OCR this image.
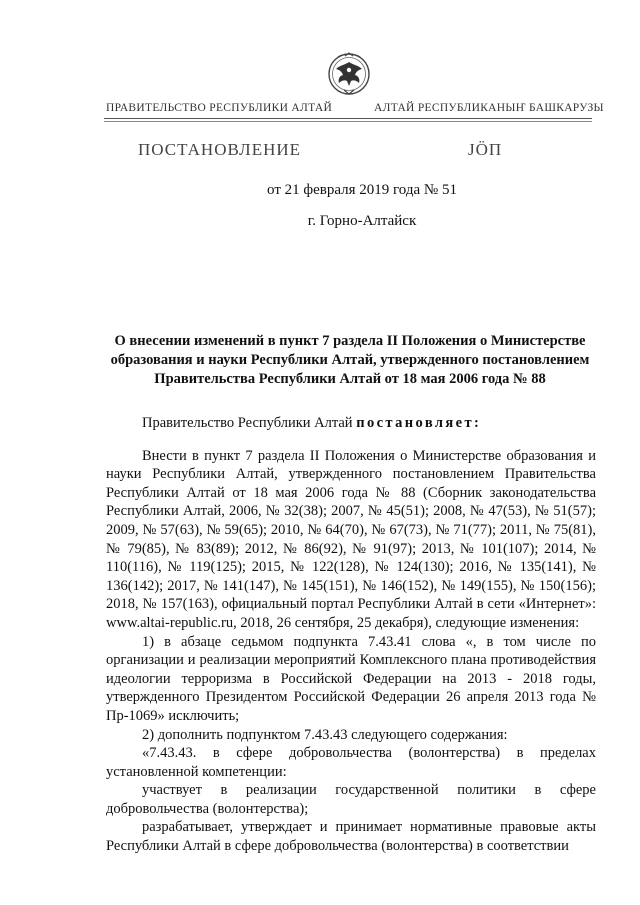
ПРАВИТЕЛЬСТВО РЕСПУБЛИКИ АЛТАЙ	АЛТАЙ РЕСПУБЛИКАНЫҤ БАШКАРУЗЫ
ПОСТАНОВЛЕНИЕ	ЈӦП
от 21 февраля 2019 года № 51
г. Горно-Алтайск
О внесении изменений в пункт 7 раздела II Положения о Министерстве образования и науки Республики Алтай, утвержденного постановлением Правительства Республики Алтай от 18 мая 2006 года № 88

Правительство Республики Алтай постановляет:

Внести в пункт 7 раздела II Положения о Министерстве образования и науки Республики Алтай, утвержденного постановлением Правительства Республики Алтай от 18 мая 2006 года № 88 (Сборник законодательства Республики Алтай, 2006, № 32(38); 2007, № 45(51); 2008, № 47(53), № 51(57); 2009, № 57(63), № 59(65); 2010, № 64(70), № 67(73), № 71(77); 2011, № 75(81), № 79(85), № 83(89); 2012, № 86(92), № 91(97); 2013, № 101(107); 2014, № 110(116), № 119(125); 2015, № 122(128), № 124(130); 2016, № 135(141), № 136(142); 2017, № 141(147), № 145(151), № 146(152), № 149(155), № 150(156); 2018, № 157(163), официальный портал Республики Алтай в сети «Интернет»: www.altai-republic.ru, 2018, 26 сентября, 25 декабря), следующие изменения:

1) в абзаце седьмом подпункта 7.43.41 слова «, в том числе по организации и реализации мероприятий Комплексного плана противодействия идеологии терроризма в Российской Федерации на 2013 - 2018 годы, утвержденного Президентом Российской Федерации 26 апреля 2013 года № Пр-1069» исключить;

2) дополнить подпунктом 7.43.43 следующего содержания:

«7.43.43. в сфере добровольчества (волонтерства) в пределах установленной компетенции:

участвует в реализации государственной политики в сфере добровольчества (волонтерства);

разрабатывает, утверждает и принимает нормативные правовые акты Республики Алтай в сфере добровольчества (волонтерства) в соответствии
